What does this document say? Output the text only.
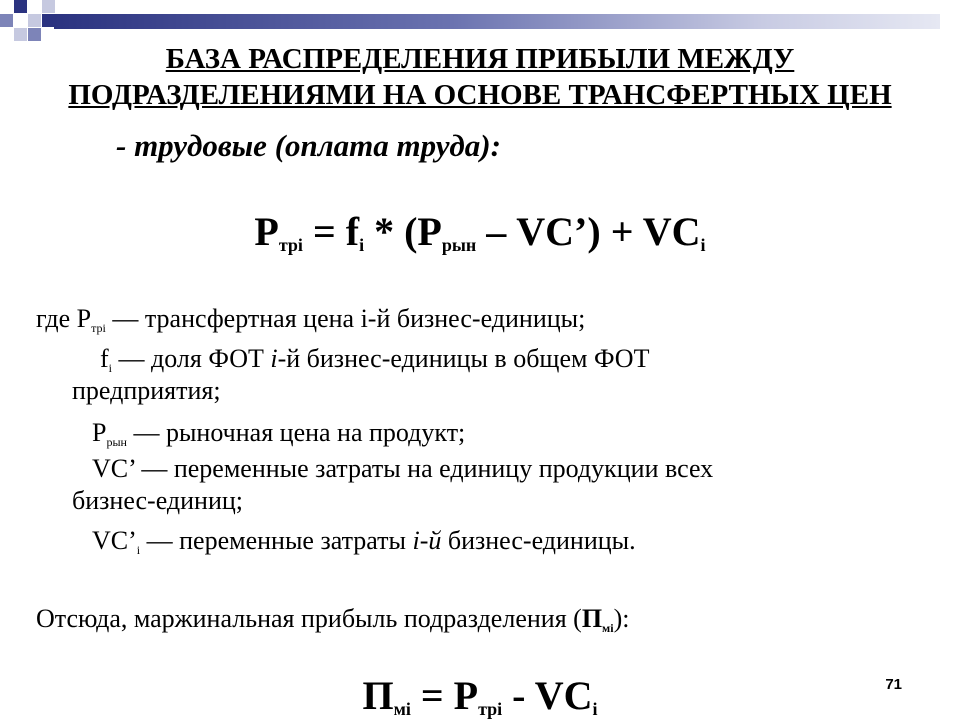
БАЗА РАСПРЕДЕЛЕНИЯ ПРИБЫЛИ МЕЖДУ
ПОДРАЗДЕЛЕНИЯМИ НА ОСНОВЕ ТРАНСФЕРТНЫХ ЦЕН
- трудовые (оплата труда):
$P_{трi} = f_i * (P_{рын}$ – VC’) + $VC_i$
где $P_{трi}$ — трансфертная цена i-й бизнес-единицы;
$f_i$ — доля ФОТ i-й бизнес-единицы в общем ФОТ
предприятия;
$P_{рын}$ — рыночная цена на продукт;
VC’ — переменные затраты на единицу продукции всех
бизнес-единиц;
$VC’_i$ — переменные затраты i-й бизнес-единицы.
Отсюда, маржинальная прибыль подразделения $(П_{мi})$:
$П_{мi} = P_{трi} - VC_i$
71
